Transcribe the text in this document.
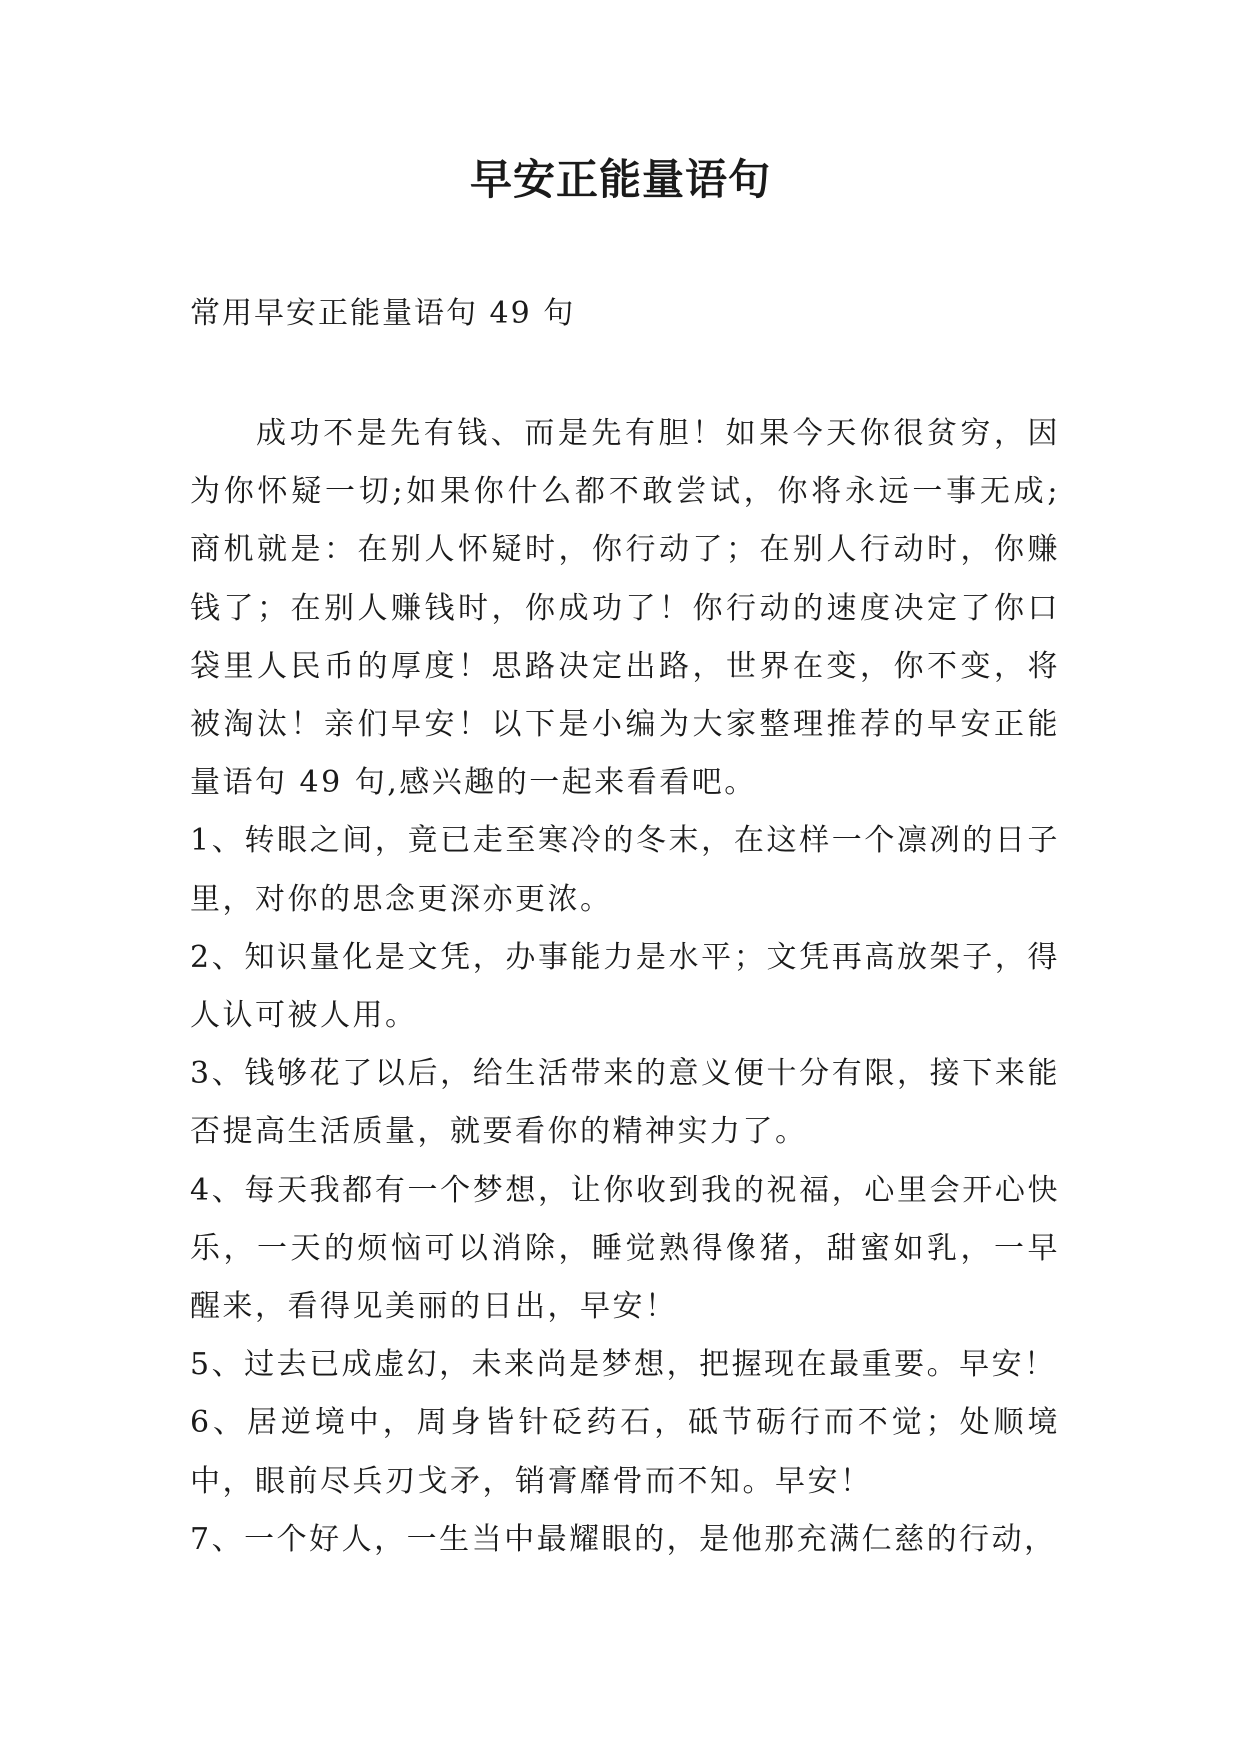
早安正能量语句

常用早安正能量语句 49 句

成功不是先有钱、而是先有胆！如果今天你很贫穷，因为你怀疑一切;如果你什么都不敢尝试，你将永远一事无成;商机就是：在别人怀疑时，你行动了；在别人行动时，你赚钱了；在别人赚钱时，你成功了！你行动的速度决定了你口袋里人民币的厚度！思路决定出路，世界在变，你不变，将被淘汰！亲们早安！以下是小编为大家整理推荐的早安正能量语句 49 句,感兴趣的一起来看看吧。

1、转眼之间，竟已走至寒冷的冬末，在这样一个凛冽的日子里，对你的思念更深亦更浓。

2、知识量化是文凭，办事能力是水平；文凭再高放架子，得人认可被人用。

3、钱够花了以后，给生活带来的意义便十分有限，接下来能否提高生活质量，就要看你的精神实力了。

4、每天我都有一个梦想，让你收到我的祝福，心里会开心快乐，一天的烦恼可以消除，睡觉熟得像猪，甜蜜如乳，一早醒来，看得见美丽的日出，早安！

5、过去已成虚幻，未来尚是梦想，把握现在最重要。早安！

6、居逆境中，周身皆针砭药石，砥节砺行而不觉；处顺境中，眼前尽兵刃戈矛，销膏靡骨而不知。早安！

7、一个好人，一生当中最耀眼的，是他那充满仁慈的行动，
